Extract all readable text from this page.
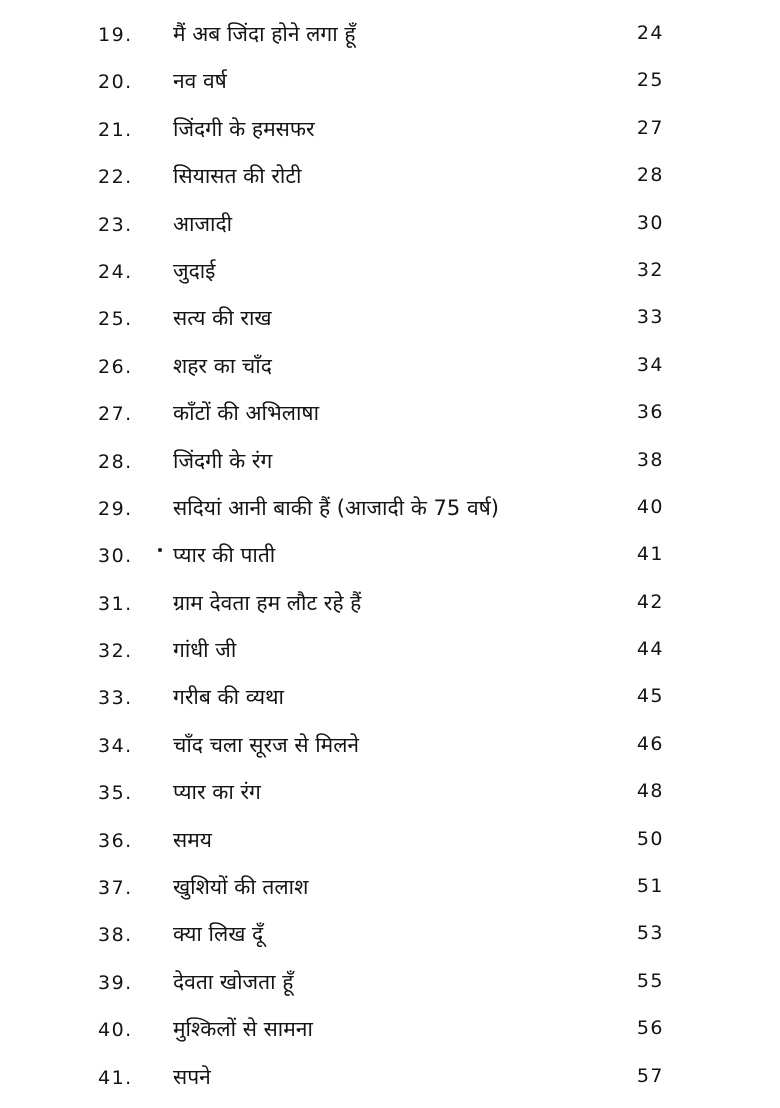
19. मैं अब जिंदा होने लगा हूँ	24
20. नव वर्ष	25
21. जिंदगी के हमसफर	27
22. सियासत की रोटी	28
23. आजादी	30
24. जुदाई	32
25. सत्य की राख	33
26. शहर का चाँद	34
27. काँटों की अभिलाषा	36
28. जिंदगी के रंग	38
29. सदियां आनी बाकी हैं (आजादी के 75 वर्ष)	40
30. प्यार की पाती	41
31. ग्राम देवता हम लौट रहे हैं	42
32. गांधी जी	44
33. गरीब की व्यथा	45
34. चाँद चला सूरज से मिलने	46
35. प्यार का रंग	48
36. समय	50
37. खुशियों की तलाश	51
38. क्या लिख दूँ	53
39. देवता खोजता हूँ	55
40. मुश्किलों से सामना	56
41. सपने	57
